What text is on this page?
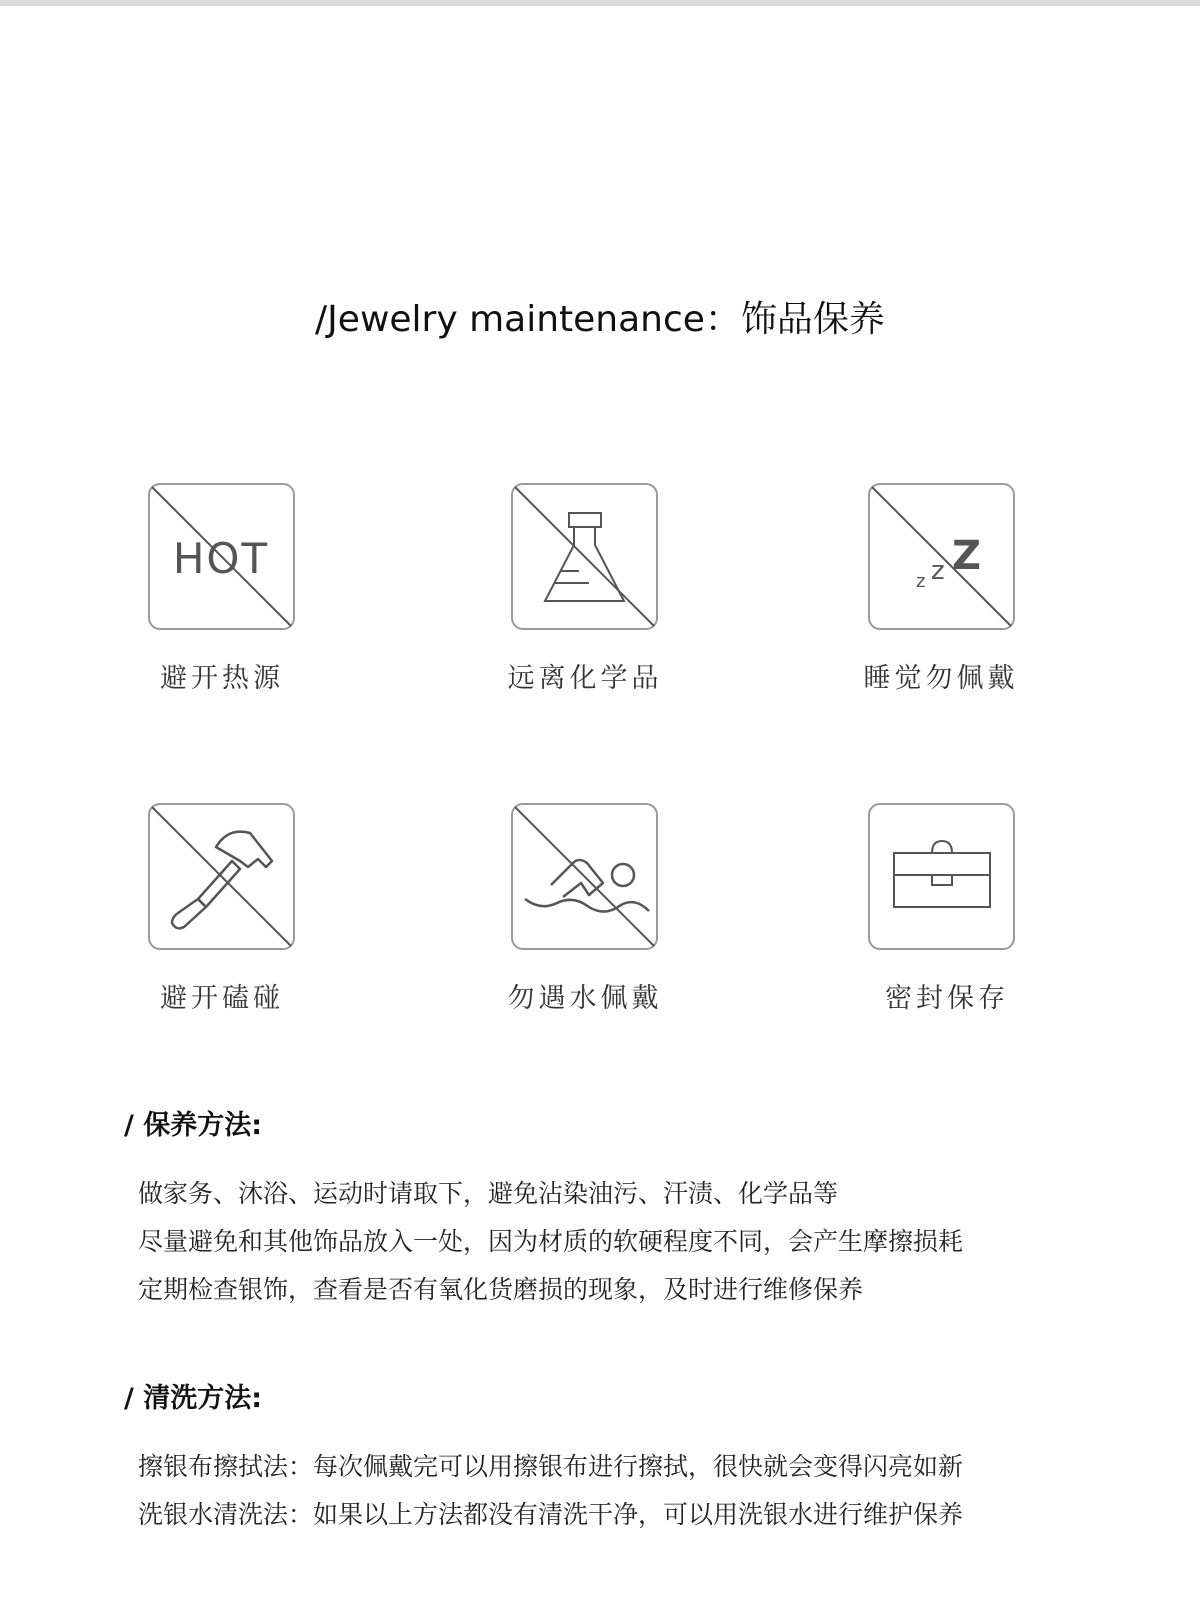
/Jewelry maintenance：饰品保养
HOT
避开热源	远离化学品
z z Z
睡觉勿佩戴
避开磕碰	勿遇水佩戴	密封保存
/ 保养方法:
做家务、沐浴、运动时请取下，避免沾染油污、汗渍、化学品等
尽量避免和其他饰品放入一处，因为材质的软硬程度不同，会产生摩擦损耗
定期检查银饰，查看是否有氧化货磨损的现象，及时进行维修保养
/ 清洗方法:
擦银布擦拭法：每次佩戴完可以用擦银布进行擦拭，很快就会变得闪亮如新
洗银水清洗法：如果以上方法都没有清洗干净，可以用洗银水进行维护保养
